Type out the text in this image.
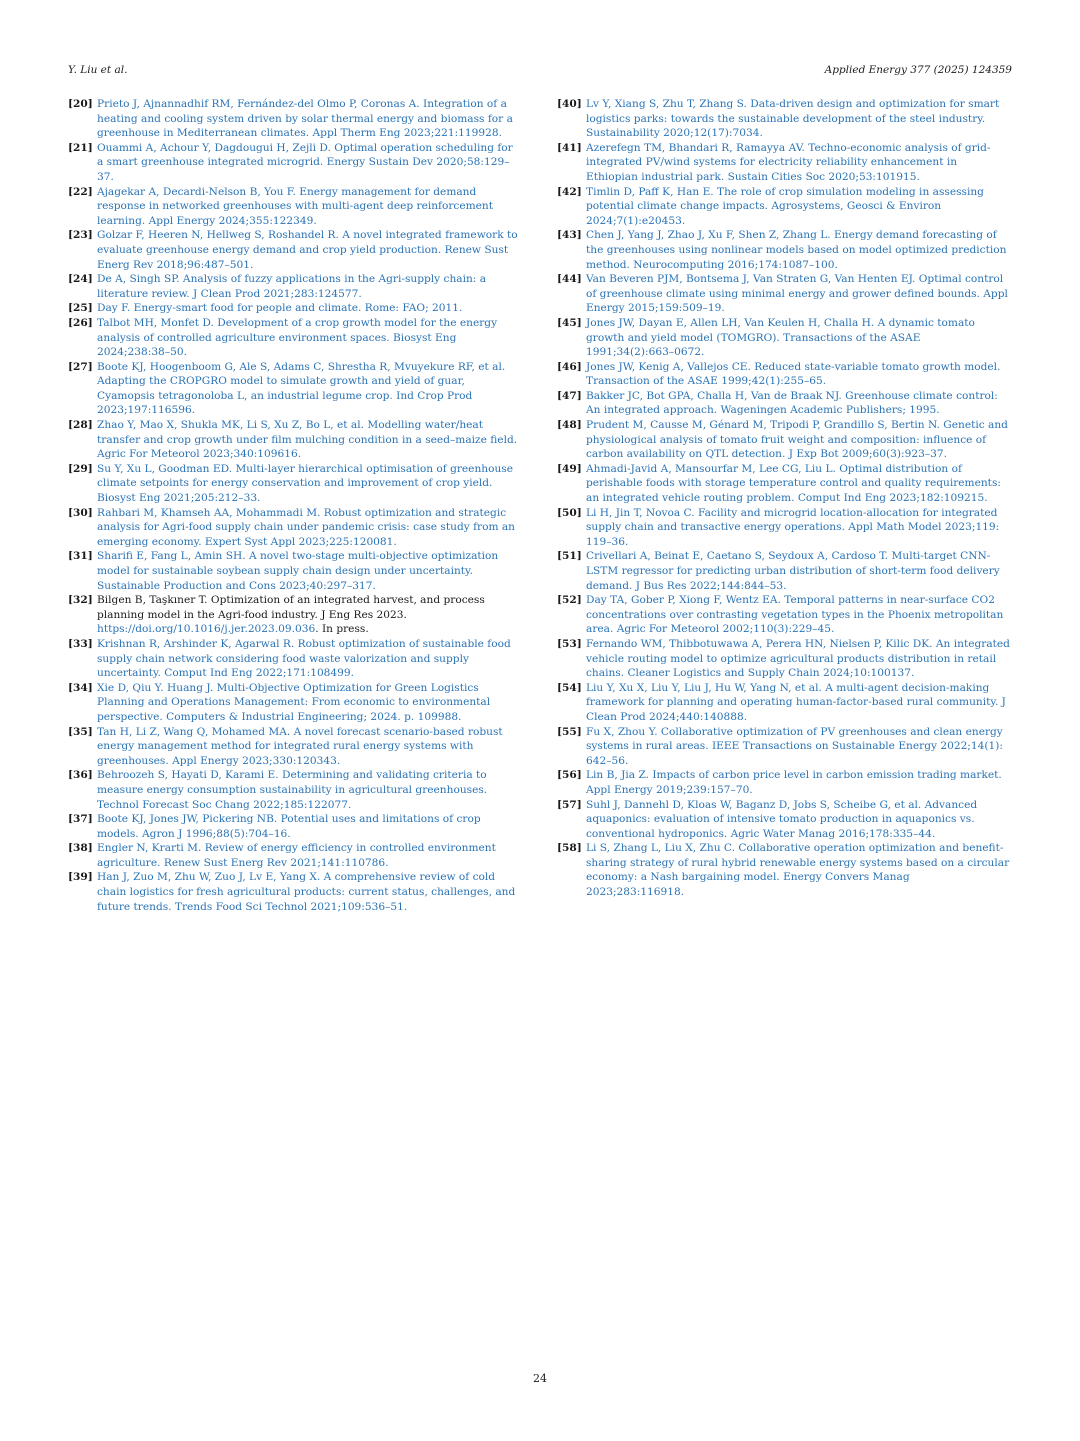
Y. Liu et al.	Applied Energy 377 (2025) 124359
[20] Prieto J, Ajnannadhif RM, Fernández-del Olmo P, Coronas A. Integration of a heating and cooling system driven by solar thermal energy and biomass for a greenhouse in Mediterranean climates. Appl Therm Eng 2023;221:119928.
[21] Ouammi A, Achour Y, Dagdougui H, Zejli D. Optimal operation scheduling for a smart greenhouse integrated microgrid. Energy Sustain Dev 2020;58:129–37.
[22] Ajagekar A, Decardi-Nelson B, You F. Energy management for demand response in networked greenhouses with multi-agent deep reinforcement learning. Appl Energy 2024;355:122349.
[23] Golzar F, Heeren N, Hellweg S, Roshandel R. A novel integrated framework to evaluate greenhouse energy demand and crop yield production. Renew Sust Energ Rev 2018;96:487–501.
[24] De A, Singh SP. Analysis of fuzzy applications in the Agri-supply chain: a literature review. J Clean Prod 2021;283:124577.
[25] Day F. Energy-smart food for people and climate. Rome: FAO; 2011.
[26] Talbot MH, Monfet D. Development of a crop growth model for the energy analysis of controlled agriculture environment spaces. Biosyst Eng 2024;238:38–50.
[27] Boote KJ, Hoogenboom G, Ale S, Adams C, Shrestha R, Mvuyekure RF, et al. Adapting the CROPGRO model to simulate growth and yield of guar, Cyamopsis tetragonoloba L, an industrial legume crop. Ind Crop Prod 2023;197:116596.
[28] Zhao Y, Mao X, Shukla MK, Li S, Xu Z, Bo L, et al. Modelling water/heat transfer and crop growth under film mulching condition in a seed–maize field. Agric For Meteorol 2023;340:109616.
[29] Su Y, Xu L, Goodman ED. Multi-layer hierarchical optimisation of greenhouse climate setpoints for energy conservation and improvement of crop yield. Biosyst Eng 2021;205:212–33.
[30] Rahbari M, Khamseh AA, Mohammadi M. Robust optimization and strategic analysis for Agri-food supply chain under pandemic crisis: case study from an emerging economy. Expert Syst Appl 2023;225:120081.
[31] Sharifi E, Fang L, Amin SH. A novel two-stage multi-objective optimization model for sustainable soybean supply chain design under uncertainty. Sustainable Production and Cons 2023;40:297–317.
[32] Bilgen B, Taşkıner T. Optimization of an integrated harvest, and process planning model in the Agri-food industry. J Eng Res 2023. https://doi.org/10.1016/j.jer.2023.09.036. In press.
[33] Krishnan R, Arshinder K, Agarwal R. Robust optimization of sustainable food supply chain network considering food waste valorization and supply uncertainty. Comput Ind Eng 2022;171:108499.
[34] Xie D, Qiu Y. Huang J. Multi-Objective Optimization for Green Logistics Planning and Operations Management: From economic to environmental perspective. Computers & Industrial Engineering; 2024. p. 109988.
[35] Tan H, Li Z, Wang Q, Mohamed MA. A novel forecast scenario-based robust energy management method for integrated rural energy systems with greenhouses. Appl Energy 2023;330:120343.
[36] Behroozeh S, Hayati D, Karami E. Determining and validating criteria to measure energy consumption sustainability in agricultural greenhouses. Technol Forecast Soc Chang 2022;185:122077.
[37] Boote KJ, Jones JW, Pickering NB. Potential uses and limitations of crop models. Agron J 1996;88(5):704–16.
[38] Engler N, Krarti M. Review of energy efficiency in controlled environment agriculture. Renew Sust Energ Rev 2021;141:110786.
[39] Han J, Zuo M, Zhu W, Zuo J, Lv E, Yang X. A comprehensive review of cold chain logistics for fresh agricultural products: current status, challenges, and future trends. Trends Food Sci Technol 2021;109:536–51.
[40] Lv Y, Xiang S, Zhu T, Zhang S. Data-driven design and optimization for smart logistics parks: towards the sustainable development of the steel industry. Sustainability 2020;12(17):7034.
[41] Azerefegn TM, Bhandari R, Ramayya AV. Techno-economic analysis of grid-integrated PV/wind systems for electricity reliability enhancement in Ethiopian industrial park. Sustain Cities Soc 2020;53:101915.
[42] Timlin D, Paff K, Han E. The role of crop simulation modeling in assessing potential climate change impacts. Agrosystems, Geosci & Environ 2024;7(1):e20453.
[43] Chen J, Yang J, Zhao J, Xu F, Shen Z, Zhang L. Energy demand forecasting of the greenhouses using nonlinear models based on model optimized prediction method. Neurocomputing 2016;174:1087–100.
[44] Van Beveren PJM, Bontsema J, Van Straten G, Van Henten EJ. Optimal control of greenhouse climate using minimal energy and grower defined bounds. Appl Energy 2015;159:509–19.
[45] Jones JW, Dayan E, Allen LH, Van Keulen H, Challa H. A dynamic tomato growth and yield model (TOMGRO). Transactions of the ASAE 1991;34(2):663–0672.
[46] Jones JW, Kenig A, Vallejos CE. Reduced state-variable tomato growth model. Transaction of the ASAE 1999;42(1):255–65.
[47] Bakker JC, Bot GPA, Challa H, Van de Braak NJ. Greenhouse climate control: An integrated approach. Wageningen Academic Publishers; 1995.
[48] Prudent M, Causse M, Génard M, Tripodi P, Grandillo S, Bertin N. Genetic and physiological analysis of tomato fruit weight and composition: influence of carbon availability on QTL detection. J Exp Bot 2009;60(3):923–37.
[49] Ahmadi-Javid A, Mansourfar M, Lee CG, Liu L. Optimal distribution of perishable foods with storage temperature control and quality requirements: an integrated vehicle routing problem. Comput Ind Eng 2023;182:109215.
[50] Li H, Jin T, Novoa C. Facility and microgrid location-allocation for integrated supply chain and transactive energy operations. Appl Math Model 2023;119: 119–36.
[51] Crivellari A, Beinat E, Caetano S, Seydoux A, Cardoso T. Multi-target CNN-LSTM regressor for predicting urban distribution of short-term food delivery demand. J Bus Res 2022;144:844–53.
[52] Day TA, Gober P, Xiong F, Wentz EA. Temporal patterns in near-surface CO2 concentrations over contrasting vegetation types in the Phoenix metropolitan area. Agric For Meteorol 2002;110(3):229–45.
[53] Fernando WM, Thibbotuwawa A, Perera HN, Nielsen P, Kilic DK. An integrated vehicle routing model to optimize agricultural products distribution in retail chains. Cleaner Logistics and Supply Chain 2024;10:100137.
[54] Liu Y, Xu X, Liu Y, Liu J, Hu W, Yang N, et al. A multi-agent decision-making framework for planning and operating human-factor-based rural community. J Clean Prod 2024;440:140888.
[55] Fu X, Zhou Y. Collaborative optimization of PV greenhouses and clean energy systems in rural areas. IEEE Transactions on Sustainable Energy 2022;14(1): 642–56.
[56] Lin B, Jia Z. Impacts of carbon price level in carbon emission trading market. Appl Energy 2019;239:157–70.
[57] Suhl J, Dannehl D, Kloas W, Baganz D, Jobs S, Scheibe G, et al. Advanced aquaponics: evaluation of intensive tomato production in aquaponics vs. conventional hydroponics. Agric Water Manag 2016;178:335–44.
[58] Li S, Zhang L, Liu X, Zhu C. Collaborative operation optimization and benefit-sharing strategy of rural hybrid renewable energy systems based on a circular economy: a Nash bargaining model. Energy Convers Manag 2023;283:116918.
24
